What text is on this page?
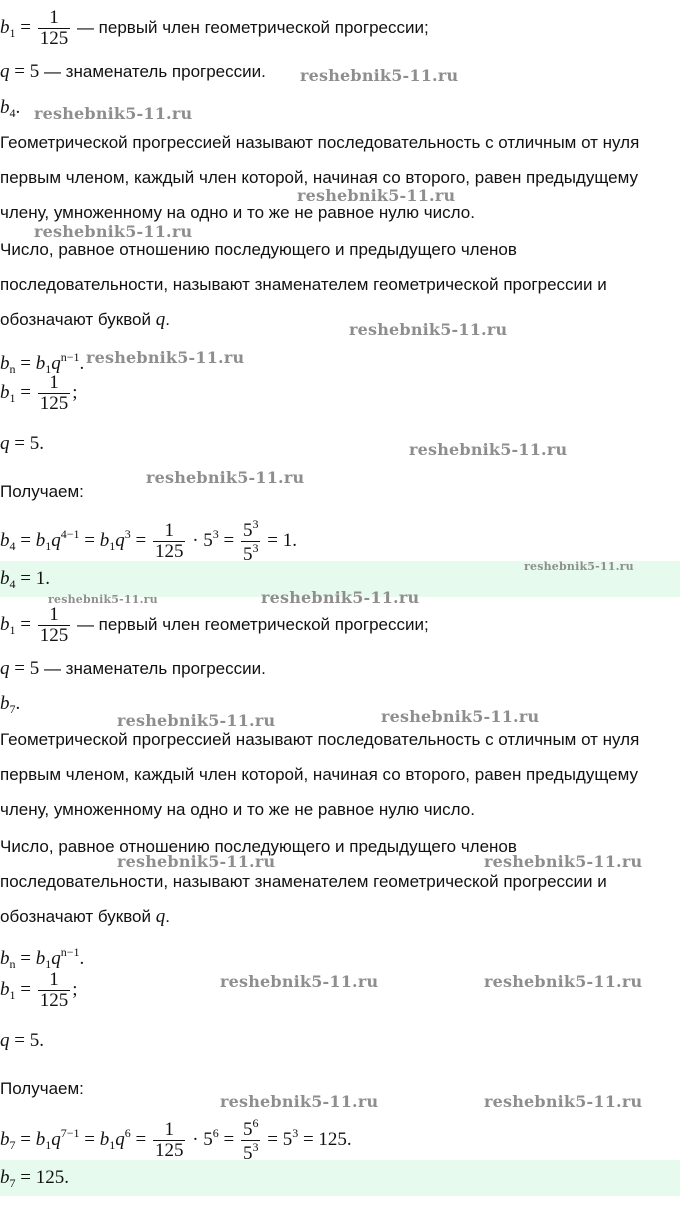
$b_1 = \frac{1}{125}$ — первый член геометрической прогрессии;
q = 5 — знаменатель прогрессии.
$b_4$.
Геометрической прогрессией называют последовательность с отличным от нуля первым членом, каждый член которой, начиная со второго, равен предыдущему члену, умноженному на одно и то же не равное нулю число.
Число, равное отношению последующего и предыдущего членов последовательности, называют знаменателем геометрической прогрессии и обозначают буквой q.
$b_n = b_1q^{n-1}$.
$b_1 = \frac{1}{125}$ ;
q = 5.
Получаем:
$b_4 = b_1q^{4-1} = b_1q^3 = \frac{1}{125} \cdot 5^3 = \frac{5^3}{5^3} = 1$.
$b_4 = 1$.
$b_1 = \frac{1}{125}$ — первый член геометрической прогрессии;
q = 5 — знаменатель прогрессии.
$b_7$.
Геометрической прогрессией называют последовательность с отличным от нуля первым членом, каждый член которой, начиная со второго, равен предыдущему члену, умноженному на одно и то же не равное нулю число.
Число, равное отношению последующего и предыдущего членов последовательности, называют знаменателем геометрической прогрессии и обозначают буквой q.
$b_n = b_1q^{n-1}$.
$b_1 = \frac{1}{125}$ ;
q = 5.
Получаем:
$b_7 = b_1q^{7-1} = b_1q^6 = \frac{1}{125} \cdot 5^6 = \frac{5^6}{5^3} = 5^3 = 125$.
$b_7 = 125$.
reshebnik5-11.ru
reshebnik5-11.ru
reshebnik5-11.ru
reshebnik5-11.ru
reshebnik5-11.ru
reshebnik5-11.ru
reshebnik5-11.ru
reshebnik5-11.ru
reshebnik5-11.ru
reshebnik5-11.ru	reshebnik5-11.ru
reshebnik5-11.ru	reshebnik5-11.ru
reshebnik5-11.ru	reshebnik5-11.ru
reshebnik5-11.ru	reshebnik5-11.ru
reshebnik5-11.ru	reshebnik5-11.ru
